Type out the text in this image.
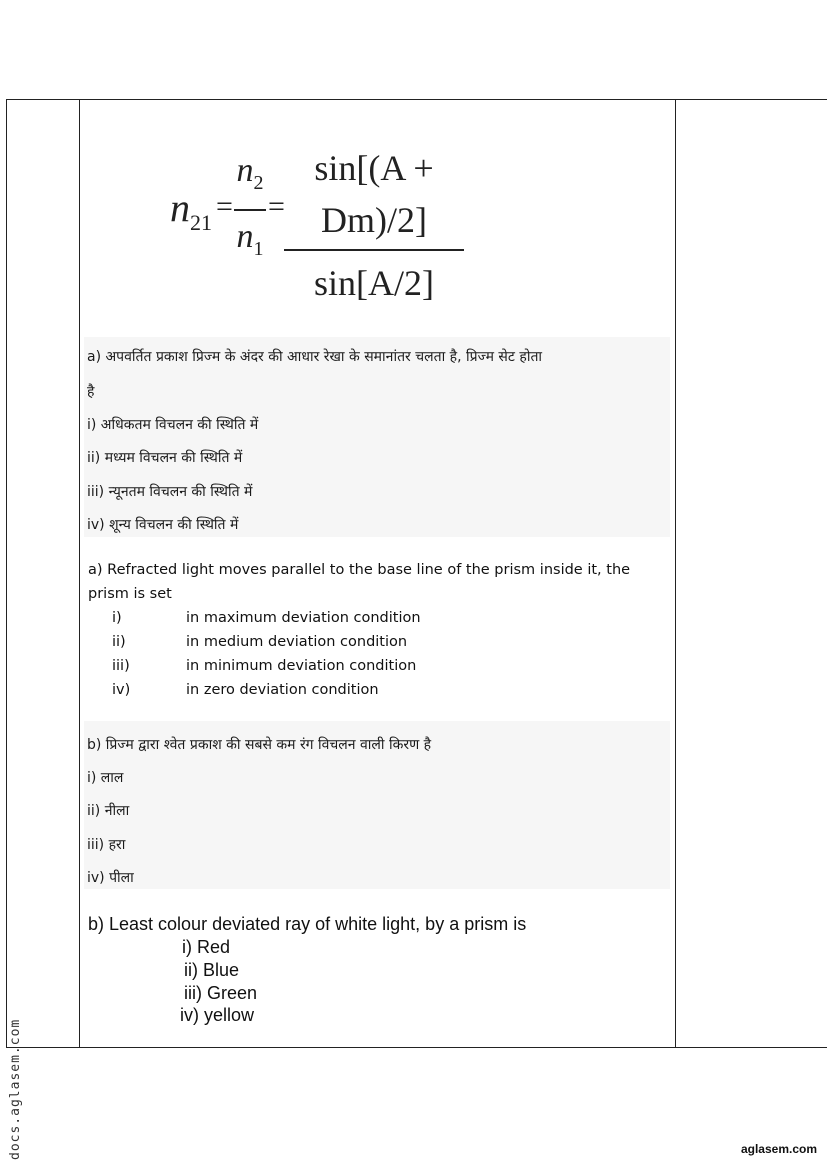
$n_{21}$ =
$n_2$
$n_1$
=
sin[(A + Dm)/2]
sin[A/2]
a) अपवर्तित प्रकाश प्रिज्म के अंदर की आधार रेखा के समानांतर चलता है, प्रिज्म सेट होता
है
i) अधिकतम विचलन की स्थिति में
ii) मध्यम विचलन की स्थिति में
iii) न्यूनतम विचलन की स्थिति में
iv) शून्य विचलन की स्थिति में
a) Refracted light moves parallel to the base line of the prism inside it, the
prism is set
i)	in maximum deviation condition
ii)	in medium deviation condition
iii)	in minimum deviation condition
iv)	in zero deviation condition
b) प्रिज्म द्वारा श्वेत प्रकाश की सबसे कम रंग विचलन वाली किरण है
i) लाल
ii) नीला
iii) हरा
iv) पीला
b) Least colour deviated ray of white light, by a prism is
i) Red
ii) Blue
iii) Green
iv) yellow
docs.aglasem.com	aglasem.com
